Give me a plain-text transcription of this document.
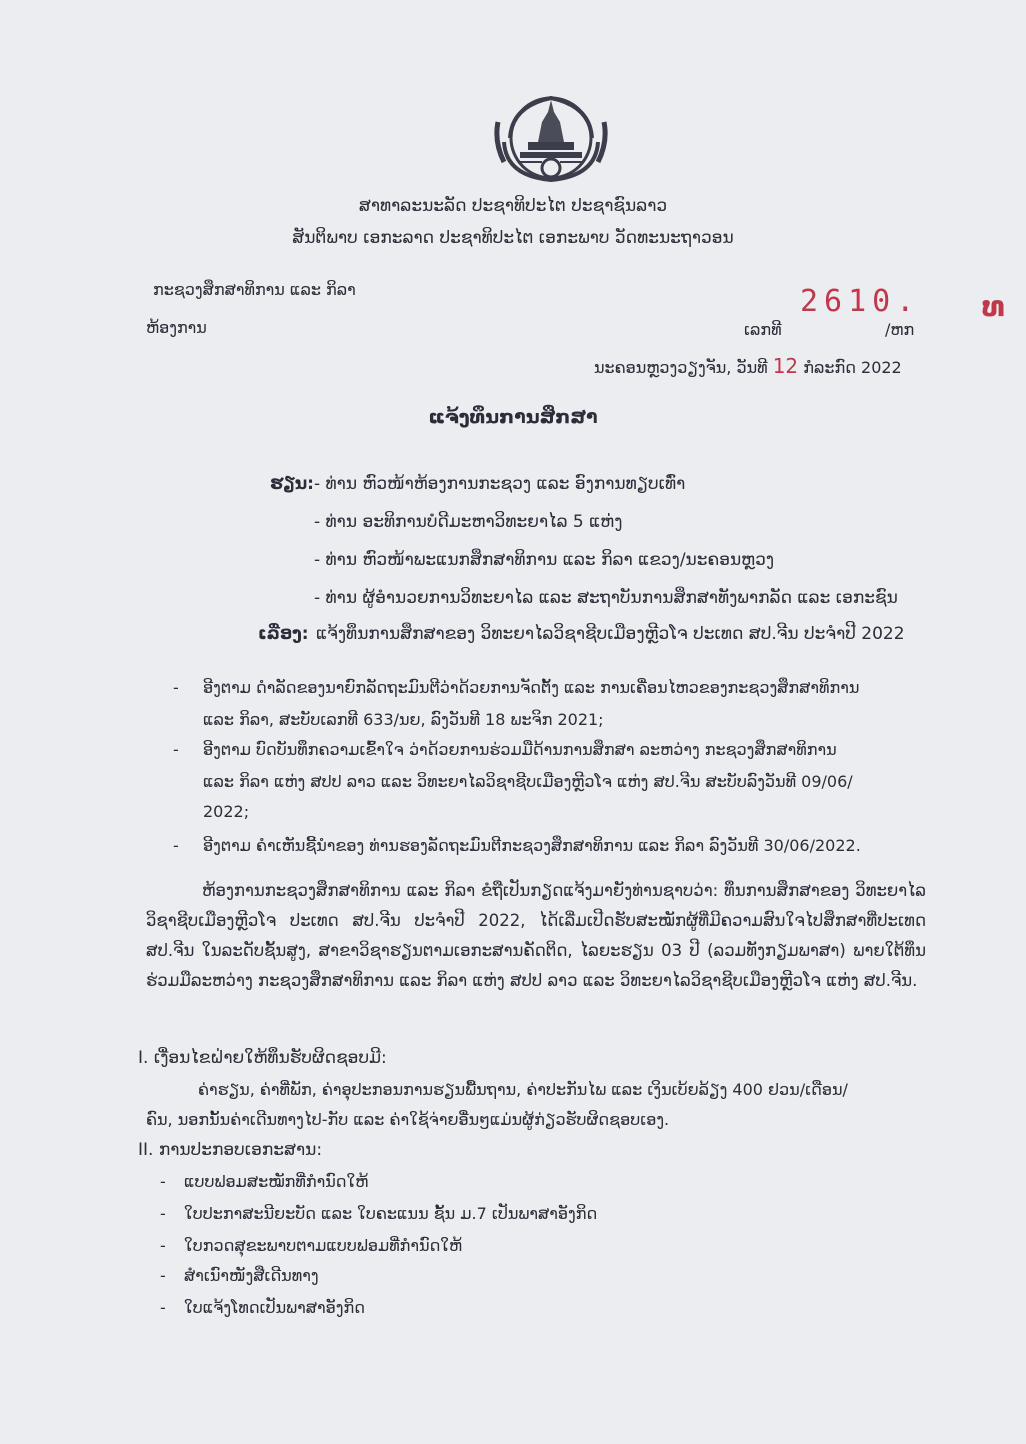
ສາທາລະນະລັດ ປະຊາທິປະໄຕ ປະຊາຊົນລາວ
ສັນຕິພາບ ເອກະລາດ ປະຊາທິປະໄຕ ເອກະພາບ ວັດທະນະຖາວອນ
ກະຊວງສຶກສາທິການ ແລະ ກິລາ
ຫ້ອງການ
2610. ທ
ເລກທີ	/ຫກ
ນະຄອນຫຼວງວຽງຈັນ, ວັນທີ 12 ກໍລະກົດ 2022
ແຈ້ງທຶນການສຶກສາ
ຮຽນ: - ທ່ານ ຫົວໜ້າຫ້ອງການກະຊວງ ແລະ ອົງການທຽບເທົ່າ
- ທ່ານ ອະທິການບໍດີມະຫາວິທະຍາໄລ 5 ແຫ່ງ
- ທ່ານ ຫົວໜ້າພະແນກສຶກສາທິການ ແລະ ກິລາ ແຂວງ/ນະຄອນຫຼວງ
- ທ່ານ ຜູ້ອຳນວຍການວິທະຍາໄລ ແລະ ສະຖາບັນການສຶກສາທັງພາກລັດ ແລະ ເອກະຊົນ
ເລື່ອງ: ແຈ້ງທຶນການສຶກສາຂອງ ວິທະຍາໄລວິຊາຊີບເມືອງຫຼີວໂຈ ປະເທດ ສປ.ຈີນ ປະຈຳປີ 2022
- ອີງຕາມ ດຳລັດຂອງນາຍົກລັດຖະມົນຕີວ່າດ້ວຍການຈັດຕັ້ງ ແລະ ການເຄື່ອນໄຫວຂອງກະຊວງສຶກສາທິການ
ແລະ ກິລາ, ສະບັບເລກທີ 633/ນຍ, ລົງວັນທີ 18 ພະຈິກ 2021;
- ອີງຕາມ ບົດບັນທຶກຄວາມເຂົ້າໃຈ ວ່າດ້ວຍການຮ່ວມມືດ້ານການສຶກສາ ລະຫວ່າງ ກະຊວງສຶກສາທິການ
ແລະ ກິລາ ແຫ່ງ ສປປ ລາວ ແລະ ວິທະຍາໄລວິຊາຊີບເມືອງຫຼີວໂຈ ແຫ່ງ ສປ.ຈີນ ສະບັບລົງວັນທີ 09/06/
2022;
- ອີງຕາມ ຄຳເຫັນຊີ້ນຳຂອງ ທ່ານຮອງລັດຖະມົນຕີກະຊວງສຶກສາທິການ ແລະ ກິລາ ລົງວັນທີ 30/06/2022.
ຫ້ອງການກະຊວງສຶກສາທິການ ແລະ ກິລາ ຂໍຖືເປັນກຽດແຈ້ງມາຍັງທ່ານຊາບວ່າ: ທຶນການສຶກສາຂອງ ວິທະຍາໄລວິຊາຊີບເມືອງຫຼີວໂຈ ປະເທດ ສປ.ຈີນ ປະຈຳປີ 2022, ໄດ້ເລີ່ມເປີດຮັບສະໝັກຜູ້ທີ່ມີຄວາມສົນໃຈໄປສຶກສາທີ່ປະເທດ ສປ.ຈີນ ໃນລະດັບຊັ້ນສູງ, ສາຂາວິຊາຮຽນຕາມເອກະສານຄັດຕິດ, ໄລຍະຮຽນ 03 ປີ (ລວມທັງກຽມພາສາ) ພາຍໃຕ້ທຶນຮ່ວມມືລະຫວ່າງ ກະຊວງສຶກສາທິການ ແລະ ກິລາ ແຫ່ງ ສປປ ລາວ ແລະ ວິທະຍາໄລວິຊາຊີບເມືອງຫຼີວໂຈ ແຫ່ງ ສປ.ຈີນ.
I. ເງື່ອນໄຂຝ່າຍໃຫ້ທຶນຮັບຜິດຊອບມີ:
ຄ່າຮຽນ, ຄ່າທີ່ພັກ, ຄ່າອຸປະກອນການຮຽນພື້ນຖານ, ຄ່າປະກັນໄພ ແລະ ເງິນເບ້ຍລ້ຽງ 400 ຢວນ/ເດືອນ/
ຄົນ, ນອກນັ້ນຄ່າເດີນທາງໄປ-ກັບ ແລະ ຄ່າໃຊ້ຈ່າຍອື່ນໆແມ່ນຜູ້ກ່ຽວຮັບຜິດຊອບເອງ.
II. ການປະກອບເອກະສານ:
- ແບບຟອມສະໝັກທີ່ກຳນົດໃຫ້
- ໃບປະກາສະນີຍະບັດ ແລະ ໃບຄະແນນ ຊັ້ນ ມ.7 ເປັນພາສາອັງກິດ
- ໃບກວດສຸຂະພາບຕາມແບບຟອມທີ່ກຳນົດໃຫ້
- ສຳເນົາໜັງສືເດີນທາງ
- ໃບແຈ້ງໂທດເປັນພາສາອັງກິດ
